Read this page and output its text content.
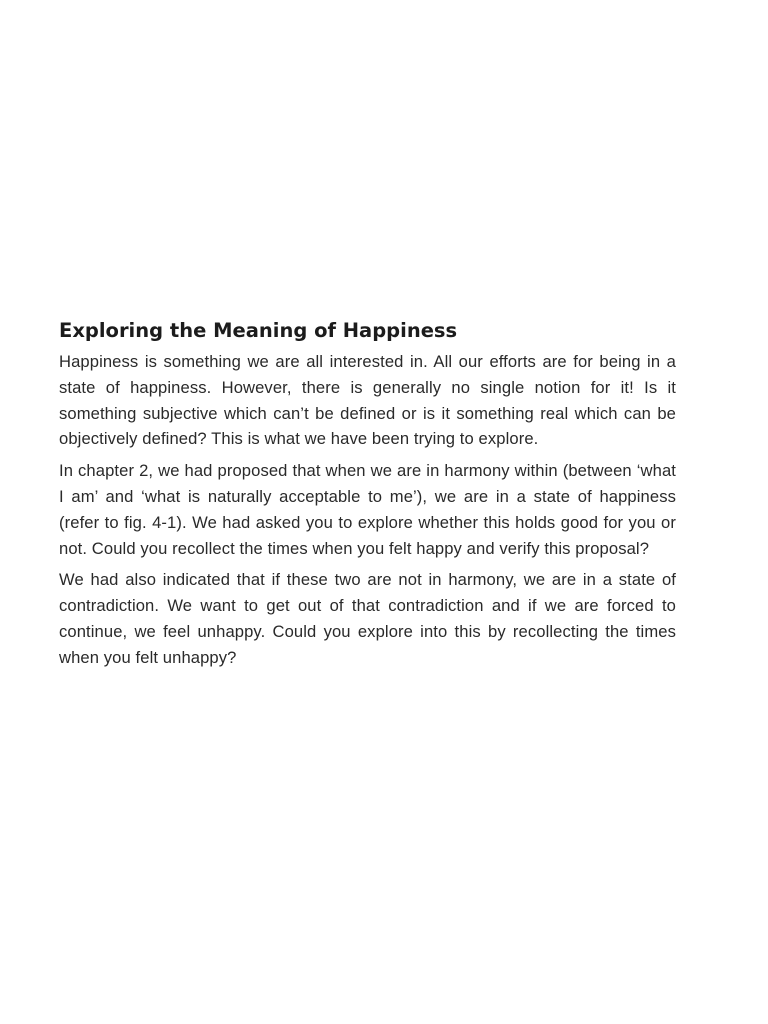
Exploring the Meaning of Happiness

Happiness is something we are all interested in. All our efforts are for being in a state of happiness. However, there is generally no single notion for it! Is it something subjective which can’t be defined or is it something real which can be objectively defined? This is what we have been trying to explore.

In chapter 2, we had proposed that when we are in harmony within (between ‘what I am’ and ‘what is naturally acceptable to me’), we are in a state of happiness (refer to fig. 4-1). We had asked you to explore whether this holds good for you or not. Could you recollect the times when you felt happy and verify this proposal?

We had also indicated that if these two are not in harmony, we are in a state of contradiction. We want to get out of that contradiction and if we are forced to continue, we feel unhappy. Could you explore into this by recollecting the times when you felt unhappy?
